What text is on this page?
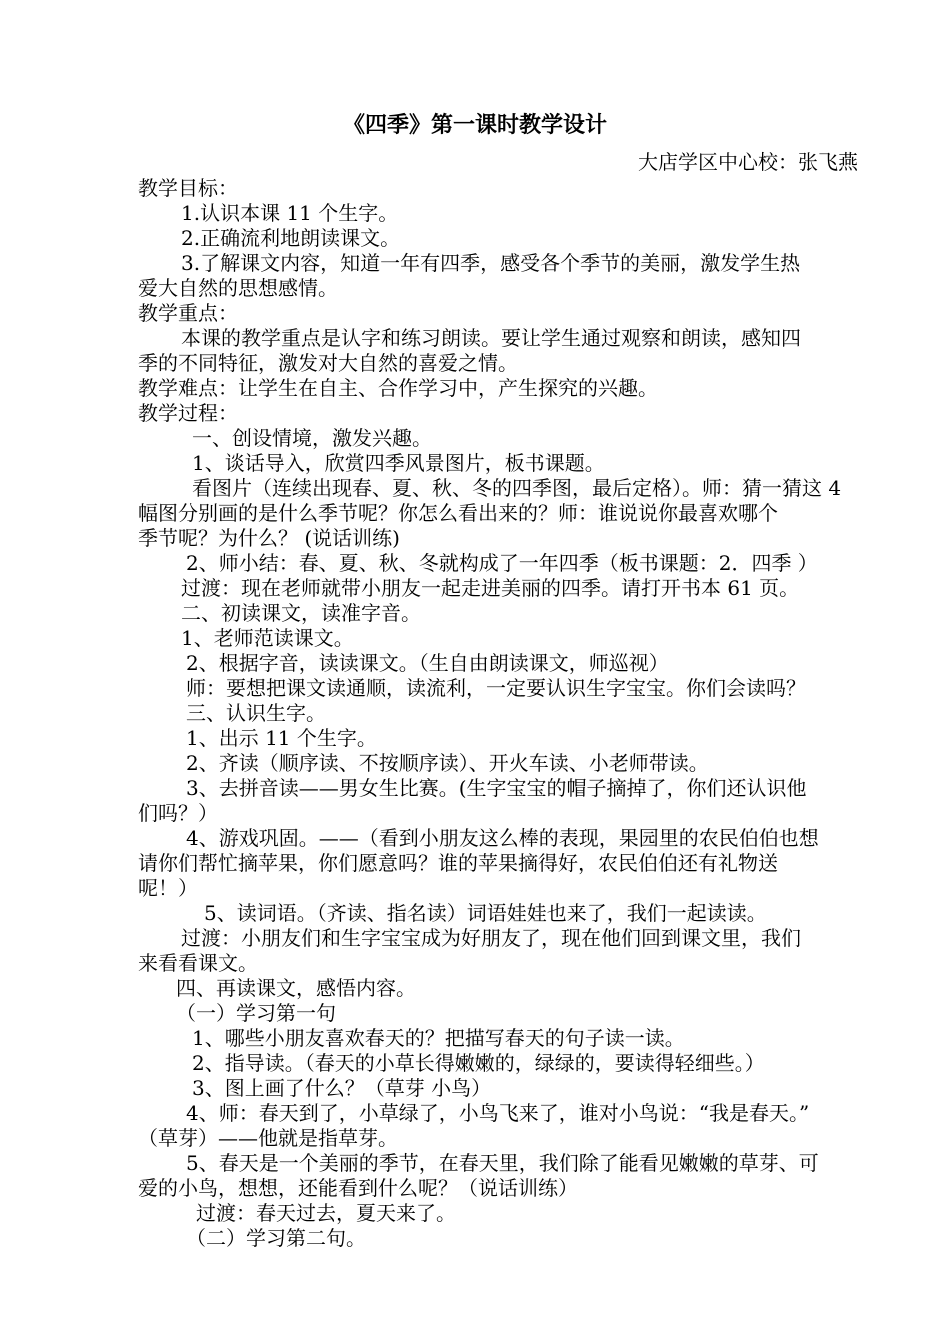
《四季》第一课时教学设计
大店学区中心校：张飞燕
教学目标：
1.认识本课 11 个生字。
2.正确流利地朗读课文。
3.了解课文内容，知道一年有四季，感受各个季节的美丽，激发学生热
爱大自然的思想感情。
教学重点：
本课的教学重点是认字和练习朗读。要让学生通过观察和朗读，感知四
季的不同特征，激发对大自然的喜爱之情。
教学难点：让学生在自主、合作学习中，产生探究的兴趣。
教学过程：
一、创设情境，激发兴趣。
1、谈话导入，欣赏四季风景图片，板书课题。
看图片（连续出现春、夏、秋、冬的四季图，最后定格）。师：猜一猜这 4
幅图分别画的是什么季节呢？你怎么看出来的？师：谁说说你最喜欢哪个
季节呢？为什么？ (说话训练)
2、师小结：春、夏、秋、冬就构成了一年四季（板书课题：2．四季 ）
过渡：现在老师就带小朋友一起走进美丽的四季。请打开书本 61 页。
二、初读课文，读准字音。
1、老师范读课文。
2、根据字音，读读课文。（生自由朗读课文，师巡视）
师：要想把课文读通顺，读流利，一定要认识生字宝宝。你们会读吗？
三、认识生字。
1、出示 11 个生字。
2、齐读（顺序读、不按顺序读）、开火车读、小老师带读。
3、去拼音读——男女生比赛。(生字宝宝的帽子摘掉了，你们还认识他
们吗？）
4、游戏巩固。——（看到小朋友这么棒的表现，果园里的农民伯伯也想
请你们帮忙摘苹果，你们愿意吗？谁的苹果摘得好，农民伯伯还有礼物送
呢！）
5、读词语。（齐读、指名读）词语娃娃也来了，我们一起读读。
过渡：小朋友们和生字宝宝成为好朋友了，现在他们回到课文里，我们
来看看课文。
四、再读课文，感悟内容。
（一）学习第一句
1、哪些小朋友喜欢春天的？把描写春天的句子读一读。
2、指导读。（春天的小草长得嫩嫩的，绿绿的，要读得轻细些。）
3、图上画了什么？（草芽 小鸟）
4、师：春天到了，小草绿了，小鸟飞来了，谁对小鸟说：“我是春天。”
（草芽）——他就是指草芽。
5、春天是一个美丽的季节，在春天里，我们除了能看见嫩嫩的草芽、可
爱的小鸟，想想，还能看到什么呢？（说话训练）
过渡：春天过去，夏天来了。
（二）学习第二句。
